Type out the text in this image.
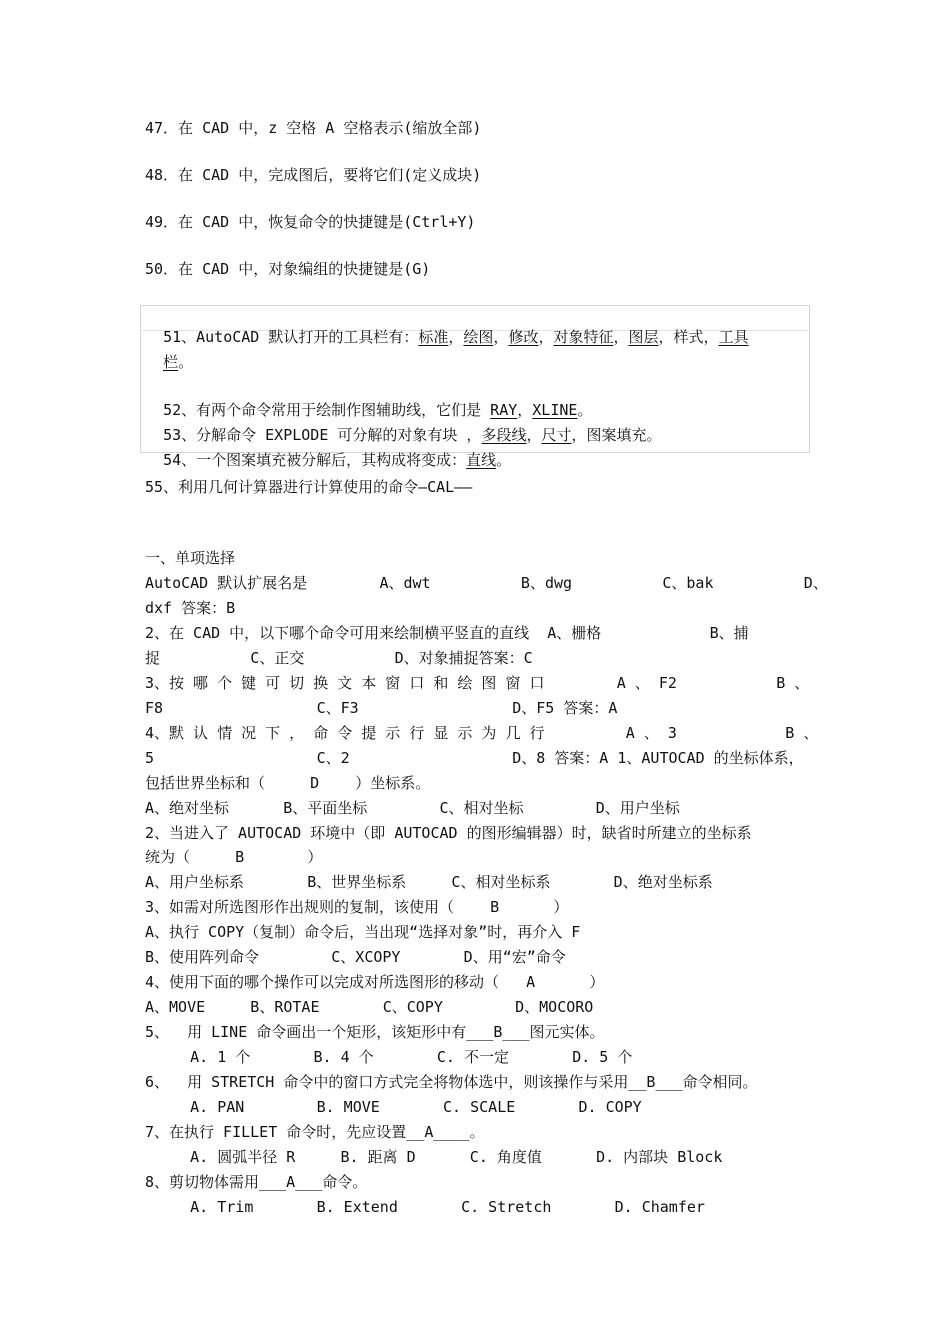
47．在 CAD 中，z 空格 A 空格表示(缩放全部)
48．在 CAD 中，完成图后，要将它们(定义成块)
49．在 CAD 中，恢复命令的快捷键是(Ctrl+Y)
50．在 CAD 中，对象编组的快捷键是(G)

51、AutoCAD 默认打开的工具栏有：标准，绘图，修改，对象特征，图层，样式，工具

栏。

52、有两个命令常用于绘制作图辅助线，它们是 RAY，XLINE。

53、分解命令 EXPLODE 可分解的对象有块 ，多段线，尺寸，图案填充。

54、一个图案填充被分解后，其构成将变成：直线。

55、利用几何计算器进行计算使用的命令—CAL——
一、单项选择
AutoCAD 默认扩展名是        A、dwt          B、dwg          C、bak          D、
dxf 答案：B
2、在 CAD 中，以下哪个命令可用来绘制横平竖直的直线  A、栅格            B、捕
捉          C、正交          D、对象捕捉答案：C
3、按 哪 个 键 可 切 换 文 本 窗 口 和 绘 图 窗 口        A 、 F2           B 、
F8                 C、F3                 D、F5 答案：A
4、默 认 情 况 下 ， 命 令 提 示 行 显 示 为 几 行         A 、 3            B 、
5                  C、2                  D、8 答案：A 1、AUTOCAD 的坐标体系，
包括世界坐标和（     D    ）坐标系。
A、绝对坐标      B、平面坐标        C、相对坐标        D、用户坐标
2、当进入了 AUTOCAD 环境中（即 AUTOCAD 的图形编辑器）时，缺省时所建立的坐标系
统为（     B       ）
A、用户坐标系       B、世界坐标系     C、相对坐标系       D、绝对坐标系
3、如需对所选图形作出规则的复制，该使用（    B      ）
A、执行 COPY（复制）命令后，当出现“选择对象”时，再介入 F
B、使用阵列命令        C、XCOPY       D、用“宏”命令
4、使用下面的哪个操作可以完成对所选图形的移动（   A      ）
A、MOVE     B、ROTAE       C、COPY        D、MOCORO
5、  用 LINE 命令画出一个矩形，该矩形中有___B___图元实体。
A. 1 个       B. 4 个       C. 不一定       D. 5 个
6、  用 STRETCH 命令中的窗口方式完全将物体选中，则该操作与采用__B___命令相同。
A. PAN        B. MOVE       C. SCALE       D. COPY
7、在执行 FILLET 命令时，先应设置__A____。
A. 圆弧半径 R     B. 距离 D      C. 角度值      D. 内部块 Block
8、剪切物体需用___A___命令。
A. Trim       B. Extend       C. Stretch       D. Chamfer
